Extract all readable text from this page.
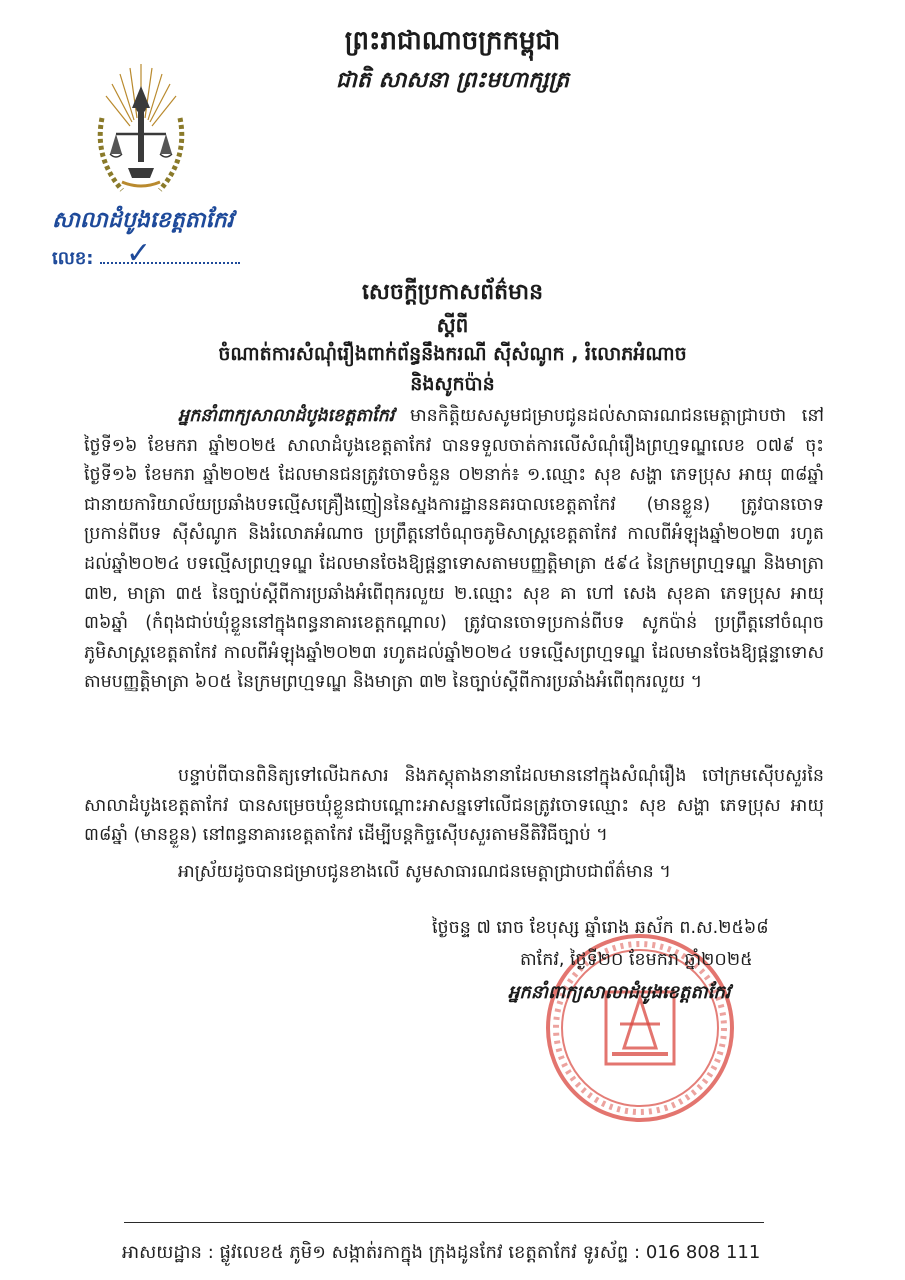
ព្រះរាជាណាចក្រកម្ពុជា
ជាតិ សាសនា ព្រះមហាក្សត្រ
សាលាដំបូងខេត្តតាកែវ
លេខ: ✓
សេចក្តីប្រកាសព័ត៌មាន
ស្តីពី
ចំណាត់ការសំណុំរឿងពាក់ព័ន្ធនឹងករណី ស៊ីសំណូក , រំលោភអំណាច
និងសូកប៉ាន់
អ្នកនាំពាក្យសាលាដំបូងខេត្តតាកែវ មានកិត្តិយសសូមជម្រាបជូនដល់សាធារណជនមេត្តាជ្រាបថា នៅថ្ងៃទី១៦ ខែមករា ឆ្នាំ២០២៥ សាលាដំបូងខេត្តតាកែវ បានទទួលចាត់ការលើសំណុំរឿងព្រហ្មទណ្ឌលេខ ០៧៩ ចុះថ្ងៃទី១៦ ខែមករា ឆ្នាំ២០២៥ ដែលមានជនត្រូវចោទចំនួន ០២នាក់៖ ១.ឈ្មោះ សុខ សង្ហា ភេទប្រុស អាយុ ៣៨ឆ្នាំ ជានាយការិយាល័យប្រឆាំងបទល្មើសគ្រឿងញៀននៃស្នងការដ្ឋាននគរបាលខេត្តតាកែវ (មានខ្លួន) ត្រូវបានចោទប្រកាន់ពីបទ ស៊ីសំណូក និងរំលោភអំណាច ប្រព្រឹត្តនៅចំណុចភូមិសាស្ត្រខេត្តតាកែវ កាលពីអំឡុងឆ្នាំ២០២៣ រហូតដល់ឆ្នាំ២០២៤ បទល្មើសព្រហ្មទណ្ឌ ដែលមានចែងឱ្យផ្តន្ទាទោសតាមបញ្ញត្តិមាត្រា ៥៩៤ នៃក្រមព្រហ្មទណ្ឌ និងមាត្រា ៣២, មាត្រា ៣៥ នៃច្បាប់ស្តីពីការប្រឆាំងអំពើពុករលួយ ២.ឈ្មោះ សុខ គា ហៅ សេង សុខគា ភេទប្រុស អាយុ ៣៦ឆ្នាំ (កំពុងជាប់ឃុំខ្លួននៅក្នុងពន្ធនាគារខេត្តកណ្តាល) ត្រូវបានចោទប្រកាន់ពីបទ សូកប៉ាន់ ប្រព្រឹត្តនៅចំណុចភូមិសាស្ត្រខេត្តតាកែវ កាលពីអំឡុងឆ្នាំ២០២៣ រហូតដល់ឆ្នាំ២០២៤ បទល្មើសព្រហ្មទណ្ឌ ដែលមានចែងឱ្យផ្តន្ទាទោសតាមបញ្ញត្តិមាត្រា ៦០៥ នៃក្រមព្រហ្មទណ្ឌ និងមាត្រា ៣២ នៃច្បាប់ស្តីពីការប្រឆាំងអំពើពុករលួយ ។
បន្ទាប់ពីបានពិនិត្យទៅលើឯកសារ និងភស្តុតាងនានាដែលមាននៅក្នុងសំណុំរឿង ចៅក្រមស៊ើបសួរនៃសាលាដំបូងខេត្តតាកែវ បានសម្រេចឃុំខ្លួនជាបណ្តោះអាសន្នទៅលើជនត្រូវចោទឈ្មោះ សុខ សង្ហា ភេទប្រុស អាយុ ៣៨ឆ្នាំ (មានខ្លួន) នៅពន្ធនាគារខេត្តតាកែវ ដើម្បីបន្តកិច្ចស៊ើបសួរតាមនីតិវិធីច្បាប់ ។
អាស្រ័យដូចបានជម្រាបជូនខាងលើ សូមសាធារណជនមេត្តាជ្រាបជាព័ត៌មាន ។
ថ្ងៃចន្ទ ៧ រោច ខែបុស្ស ឆ្នាំរោង ឆស័ក ព.ស.២៥៦៨
តាកែវ, ថ្ងៃទី២០ ខែមករា ឆ្នាំ២០២៥
អ្នកនាំពាក្យសាលាដំបូងខេត្តតាកែវ
អាសយដ្ឋាន : ផ្លូវលេខ៥ ភូមិ១ សង្កាត់រកាក្នុង ក្រុងដូនកែវ ខេត្តតាកែវ ទូរស័ព្ទ : 016 808 111
